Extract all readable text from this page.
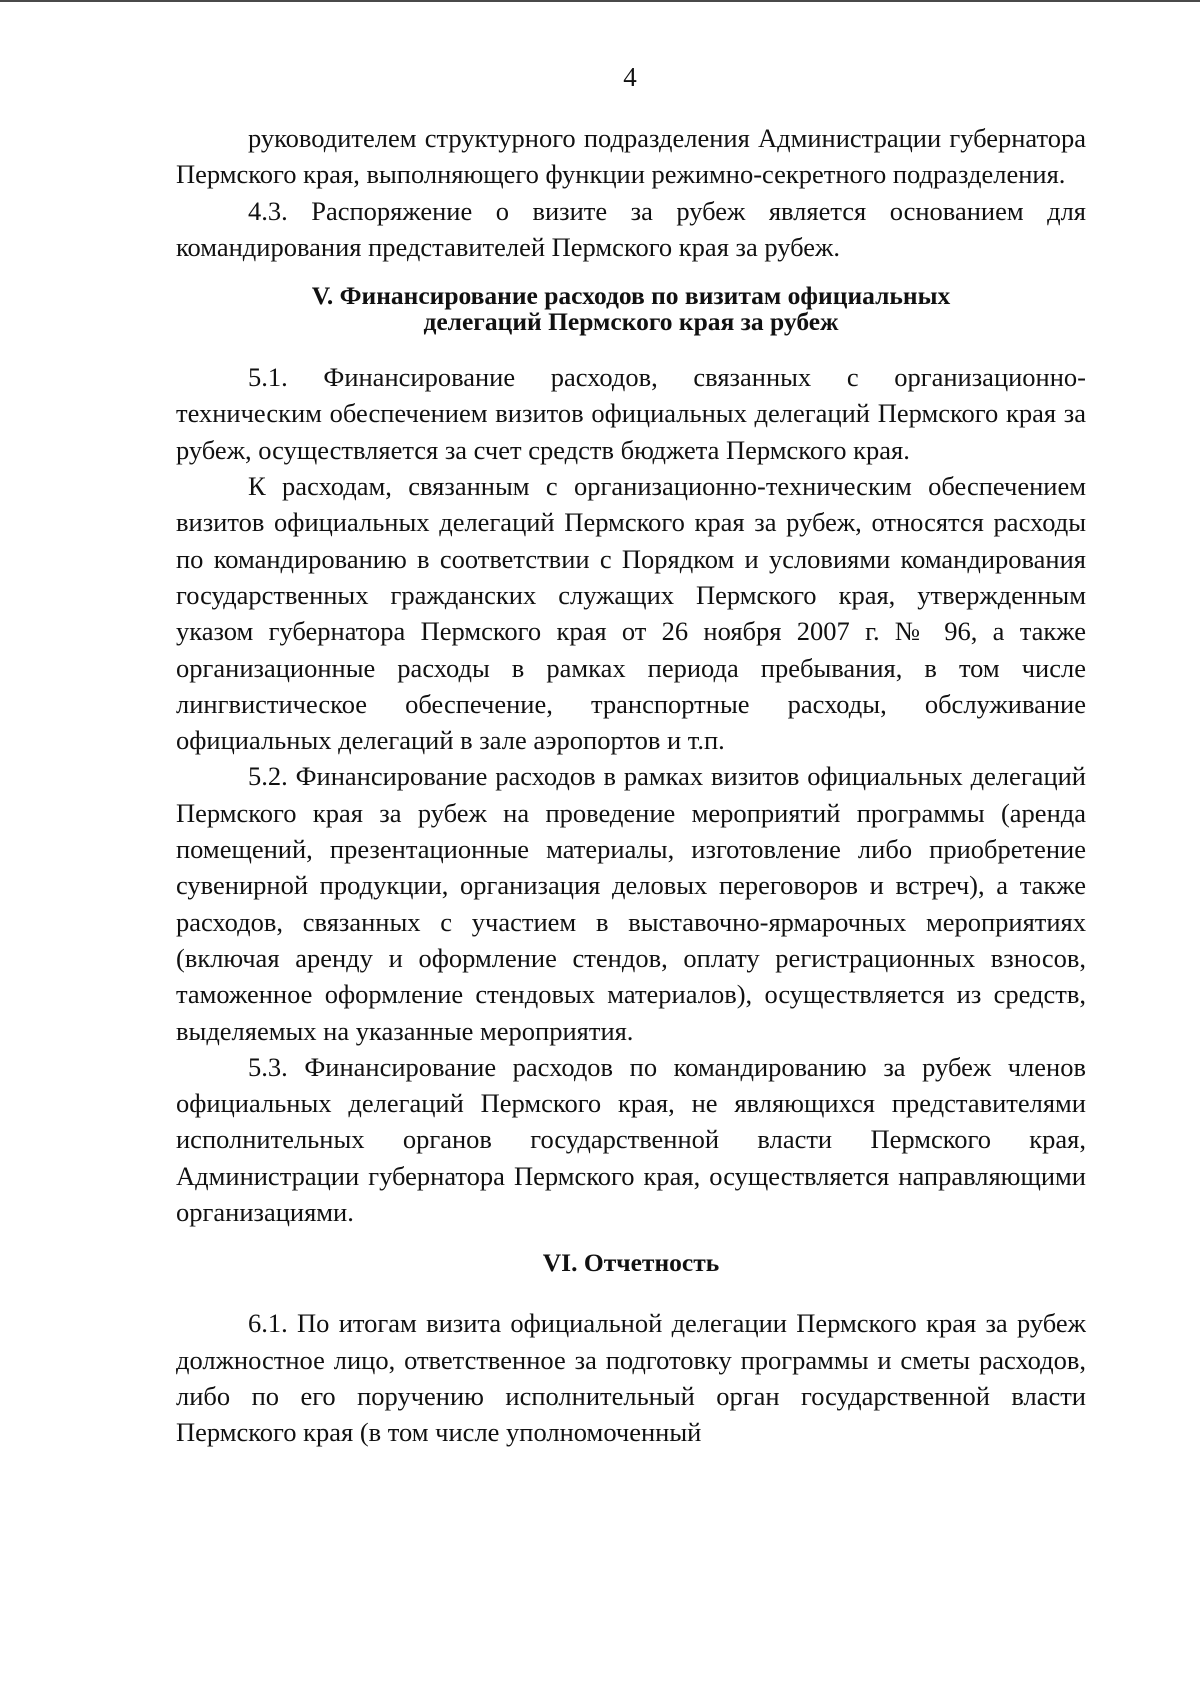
4

руководителем структурного подразделения Администрации губернатора Пермского края, выполняющего функции режимно-секретного подразделения.

4.3. Распоряжение о визите за рубеж является основанием для командирования представителей Пермского края за рубеж.

V. Финансирование расходов по визитам официальных
делегаций Пермского края за рубеж

5.1. Финансирование расходов, связанных с организационно-техническим обеспечением визитов официальных делегаций Пермского края за рубеж, осуществляется за счет средств бюджета Пермского края.

К расходам, связанным с организационно-техническим обеспечением визитов официальных делегаций Пермского края за рубеж, относятся расходы по командированию в соответствии с Порядком и условиями командирования государственных гражданских служащих Пермского края, утвержденным указом губернатора Пермского края от 26 ноября 2007 г. № 96, а также организационные расходы в рамках периода пребывания, в том числе лингвистическое обеспечение, транспортные расходы, обслуживание официальных делегаций в зале аэропортов и т.п.

5.2. Финансирование расходов в рамках визитов официальных делегаций Пермского края за рубеж на проведение мероприятий программы (аренда помещений, презентационные материалы, изготовление либо приобретение сувенирной продукции, организация деловых переговоров и встреч), а также расходов, связанных с участием в выставочно-ярмарочных мероприятиях (включая аренду и оформление стендов, оплату регистрационных взносов, таможенное оформление стендовых материалов), осуществляется из средств, выделяемых на указанные мероприятия.

5.3. Финансирование расходов по командированию за рубеж членов официальных делегаций Пермского края, не являющихся представителями исполнительных органов государственной власти Пермского края, Администрации губернатора Пермского края, осуществляется направляющими организациями.

VI. Отчетность

6.1. По итогам визита официальной делегации Пермского края за рубеж должностное лицо, ответственное за подготовку программы и сметы расходов, либо по его поручению исполнительный орган государственной власти Пермского края (в том числе уполномоченный
